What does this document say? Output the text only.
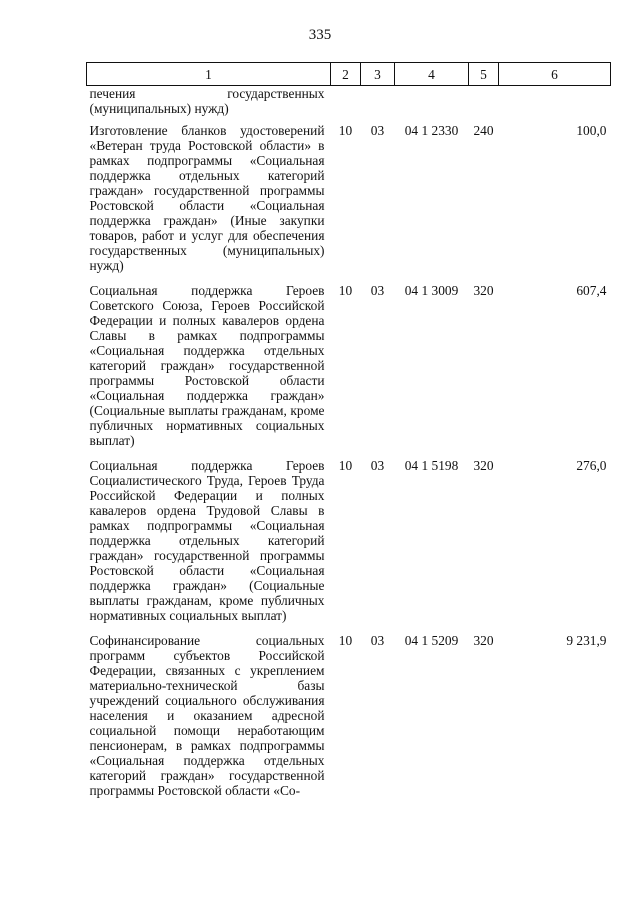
335
1	2	3	4	5	6
печения государственных (муниципальных) нужд)					
Изготовление бланков удостоверений «Ветеран труда Ростовской области» в рамках подпрограммы «Социальная поддержка отдельных категорий граждан» государственной программы Ростовской области «Социальная поддержка граждан» (Иные закупки товаров, работ и услуг для обеспечения государственных (муниципальных) нужд)	10	03	04 1 2330	240	100,0
Социальная поддержка Героев Советского Союза, Героев Российской Федерации и полных кавалеров ордена Славы в рамках подпрограммы «Социальная поддержка отдельных категорий граждан» государственной программы Ростовской области «Социальная поддержка граждан» (Социальные выплаты гражданам, кроме публичных нормативных социальных выплат)	10	03	04 1 3009	320	607,4
Социальная поддержка Героев Социалистического Труда, Героев Труда Российской Федерации и полных кавалеров ордена Трудовой Славы в рамках подпрограммы «Социальная поддержка отдельных категорий граждан» государственной программы Ростовской области «Социальная поддержка граждан» (Социальные выплаты гражданам, кроме публичных нормативных социальных выплат)	10	03	04 1 5198	320	276,0
Софинансирование социальных программ субъектов Российской Федерации, связанных с укреплением материально-технической базы учреждений социального обслуживания населения и оказанием адресной социальной помощи неработающим пенсионерам, в рамках подпрограммы «Социальная поддержка отдельных категорий граждан» государственной программы Ростовской области «Со-	10	03	04 1 5209	320	9 231,9
